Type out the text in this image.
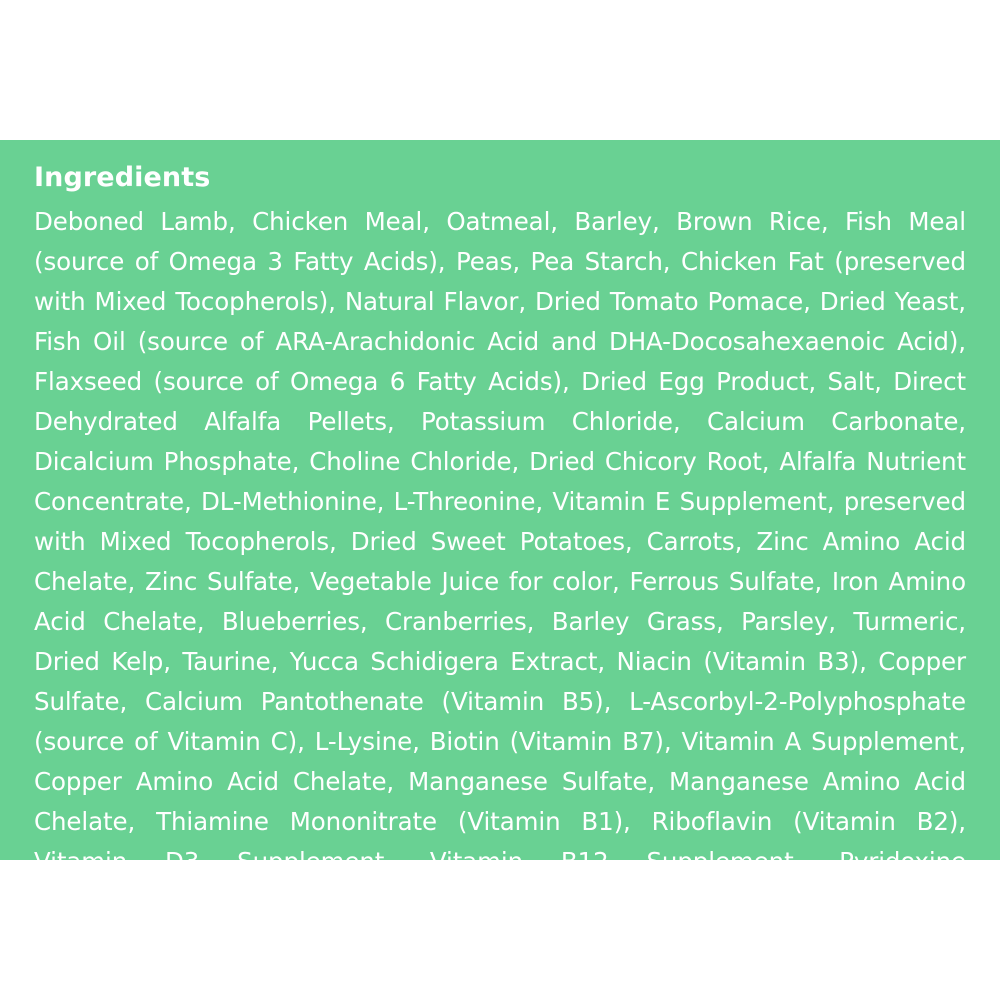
Ingredients

Deboned Lamb, Chicken Meal, Oatmeal, Barley, Brown Rice, Fish Meal (source of Omega 3 Fatty Acids), Peas, Pea Starch, Chicken Fat (preserved with Mixed Tocopherols), Natural Flavor, Dried Tomato Pomace, Dried Yeast, Fish Oil (source of ARA-Arachidonic Acid and DHA-Docosahexaenoic Acid), Flaxseed (source of Omega 6 Fatty Acids), Dried Egg Product, Salt, Direct Dehydrated Alfalfa Pellets, Potassium Chloride, Calcium Carbonate, Dicalcium Phosphate, Choline Chloride, Dried Chicory Root, Alfalfa Nutrient Concentrate, DL-Methionine, L-Threonine, Vitamin E Supplement, preserved with Mixed Tocopherols, Dried Sweet Potatoes, Carrots, Zinc Amino Acid Chelate, Zinc Sulfate, Vegetable Juice for color, Ferrous Sulfate, Iron Amino Acid Chelate, Blueberries, Cranberries, Barley Grass, Parsley, Turmeric, Dried Kelp, Taurine, Yucca Schidigera Extract, Niacin (Vitamin B3), Copper Sulfate, Calcium Pantothenate (Vitamin B5), L-Ascorbyl-2-Polyphosphate (source of Vitamin C), L-Lysine, Biotin (Vitamin B7), Vitamin A Supplement, Copper Amino Acid Chelate, Manganese Sulfate, Manganese Amino Acid Chelate, Thiamine Mononitrate (Vitamin B1), Riboflavin (Vitamin B2), Vitamin D3 Supplement, Vitamin B12 Supplement, Pyridoxine Hydrochloride (Vitamin B6), Calcium Iodate, Folic Acid (Vitamin B9), Sodium Selenite, Oil of Rosemary.
